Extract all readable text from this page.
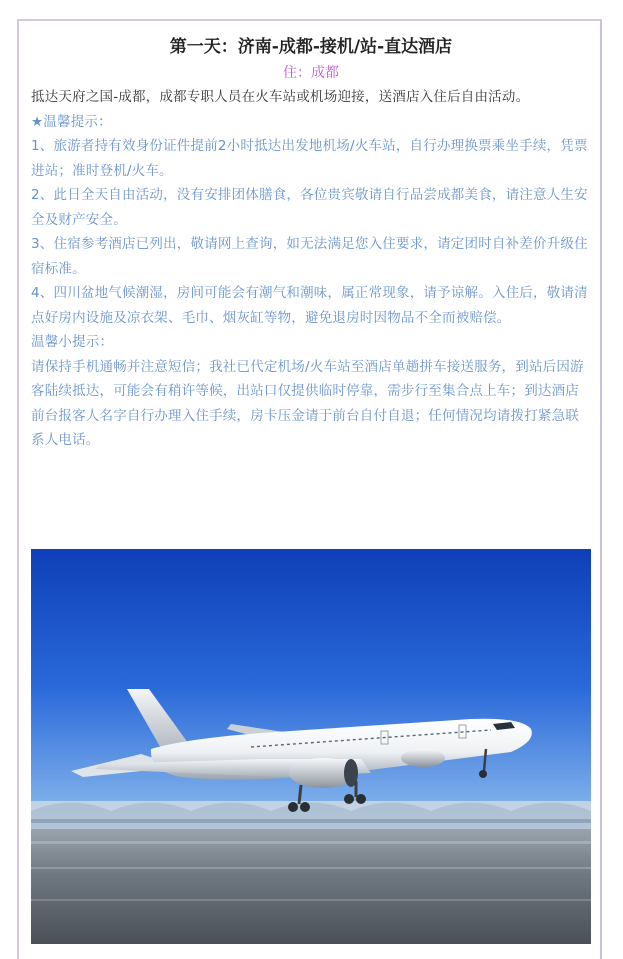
第一天：济南-成都-接机/站-直达酒店

住：成都

抵达天府之国-成都，成都专职人员在火车站或机场迎接，送酒店入住后自由活动。

★温馨提示：

1、旅游者持有效身份证件提前2小时抵达出发地机场/火车站，自行办理换票乘坐手续，凭票进站；准时登机/火车。

2、此日全天自由活动，没有安排团体膳食，各位贵宾敬请自行品尝成都美食，请注意人生安全及财产安全。

3、住宿参考酒店已列出，敬请网上查询，如无法满足您入住要求，请定团时自补差价升级住宿标准。

4、四川盆地气候潮湿，房间可能会有潮气和潮味，属正常现象，请予谅解。入住后，敬请清点好房内设施及凉衣架、毛巾、烟灰缸等物，避免退房时因物品不全而被赔偿。

温馨小提示：

请保持手机通畅并注意短信；我社已代定机场/火车站至酒店单趟拼车接送服务，到站后因游客陆续抵达，可能会有稍许等候，出站口仅提供临时停靠，需步行至集合点上车；到达酒店前台报客人名字自行办理入住手续，房卡压金请于前台自付自退；任何情况均请拨打紧急联系人电话。
